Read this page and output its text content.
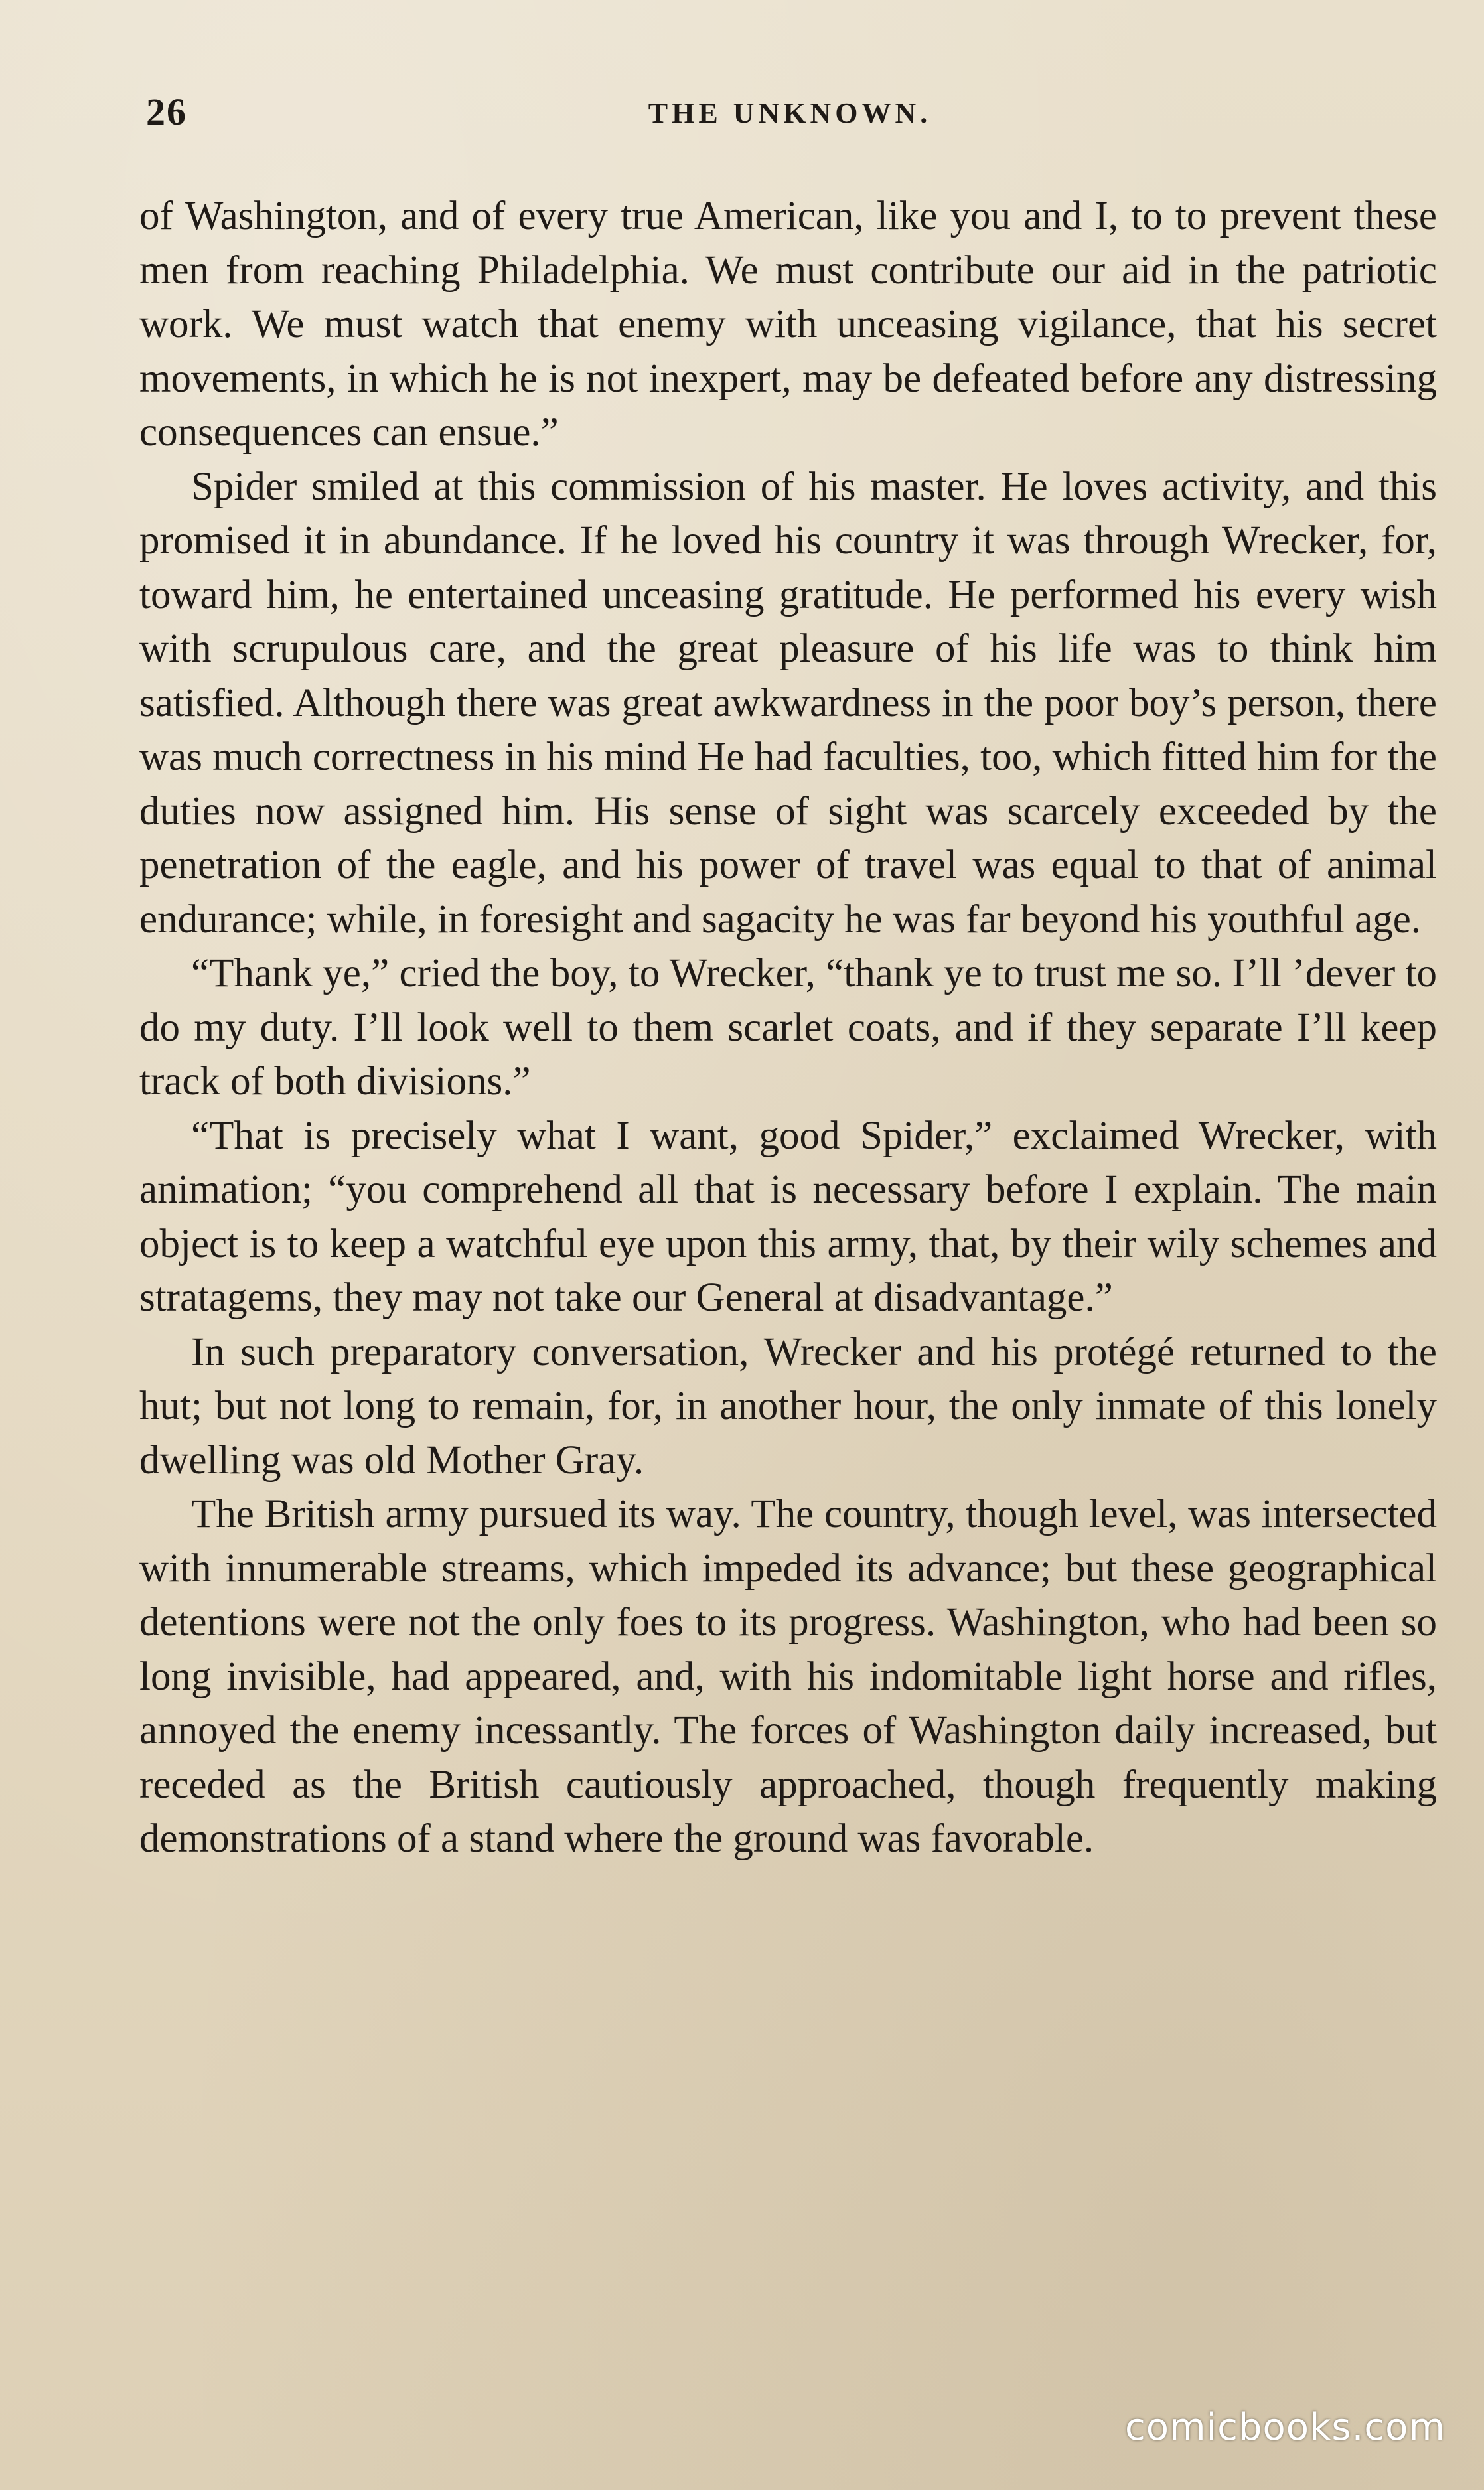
26	THE UNKNOWN.

of Washington, and of every true American, like you and I, to to prevent these men from reaching Philadelphia. We must contribute our aid in the patriotic work. We must watch that enemy with unceasing vigilance, that his secret movements, in which he is not inexpert, may be defeated before any distressing consequences can ensue.”

Spider smiled at this commission of his master. He loves activity, and this promised it in abundance. If he loved his country it was through Wrecker, for, toward him, he entertained unceasing gratitude. He performed his every wish with scrupulous care, and the great pleasure of his life was to think him satisfied. Although there was great awkwardness in the poor boy’s person, there was much correctness in his mind He had faculties, too, which fitted him for the duties now assigned him. His sense of sight was scarcely exceeded by the penetration of the eagle, and his power of travel was equal to that of animal endurance; while, in foresight and sagacity he was far beyond his youthful age.

“Thank ye,” cried the boy, to Wrecker, “thank ye to trust me so. I’ll ’dever to do my duty. I’ll look well to them scarlet coats, and if they separate I’ll keep track of both divisions.”

“That is precisely what I want, good Spider,” exclaimed Wrecker, with animation; “you comprehend all that is necessary before I explain. The main object is to keep a watchful eye upon this army, that, by their wily schemes and stratagems, they may not take our General at disadvantage.”

In such preparatory conversation, Wrecker and his protégé returned to the hut; but not long to remain, for, in another hour, the only inmate of this lonely dwelling was old Mother Gray.

The British army pursued its way. The country, though level, was intersected with innumerable streams, which impeded its advance; but these geographical detentions were not the only foes to its progress. Washington, who had been so long invisible, had appeared, and, with his indomitable light horse and rifles, annoyed the enemy incessantly. The forces of Washington daily increased, but receded as the British cautiously approached, though frequently making demonstrations of a stand where the ground was favorable.

comicbooks.com
